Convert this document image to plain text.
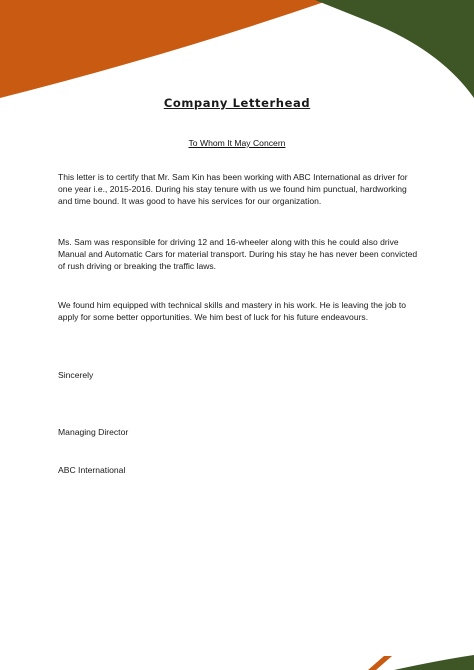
Company Letterhead
To Whom It May Concern

This letter is to certify that Mr. Sam Kin has been working with ABC International as driver for one year i.e., 2015-2016. During his stay tenure with us we found him punctual, hardworking and time bound. It was good to have his services for our organization.

Ms. Sam was responsible for driving 12 and 16-wheeler along with this he could also drive Manual and Automatic Cars for material transport. During his stay he has never been convicted of rush driving or breaking the traffic laws.

We found him equipped with technical skills and mastery in his work. He is leaving the job to apply for some better opportunities. We him best of luck for his future endeavours.

Sincerely
Managing Director
ABC International
